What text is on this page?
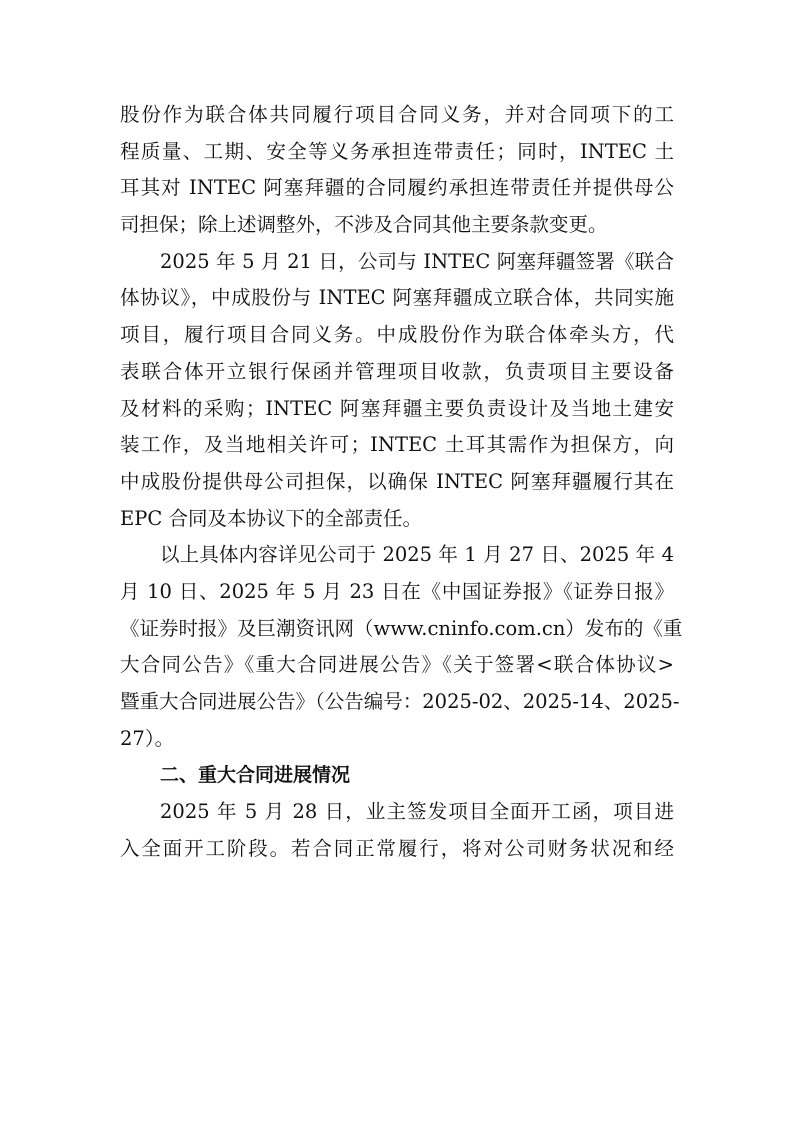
股份作为联合体共同履行项目合同义务，并对合同项下的工
程质量、工期、安全等义务承担连带责任；同时，INTEC 土
耳其对 INTEC 阿塞拜疆的合同履约承担连带责任并提供母公
司担保；除上述调整外，不涉及合同其他主要条款变更。
2025 年 5 月 21 日，公司与 INTEC 阿塞拜疆签署《联合
体协议》，中成股份与 INTEC 阿塞拜疆成立联合体，共同实施
项目，履行项目合同义务。中成股份作为联合体牵头方，代
表联合体开立银行保函并管理项目收款，负责项目主要设备
及材料的采购；INTEC 阿塞拜疆主要负责设计及当地土建安
装工作，及当地相关许可；INTEC 土耳其需作为担保方，向
中成股份提供母公司担保，以确保 INTEC 阿塞拜疆履行其在
EPC 合同及本协议下的全部责任。
以上具体内容详见公司于 2025 年 1 月 27 日、2025 年 4
月 10 日、2025 年 5 月 23 日在《中国证券报》《证券日报》
《证券时报》及巨潮资讯网（www.cninfo.com.cn）发布的《重
大合同公告》《重大合同进展公告》《关于签署<联合体协议>
暨重大合同进展公告》（公告编号：2025-02、2025-14、2025-
27）。
二、重大合同进展情况
2025 年 5 月 28 日，业主签发项目全面开工函，项目进
入全面开工阶段。若合同正常履行，将对公司财务状况和经
